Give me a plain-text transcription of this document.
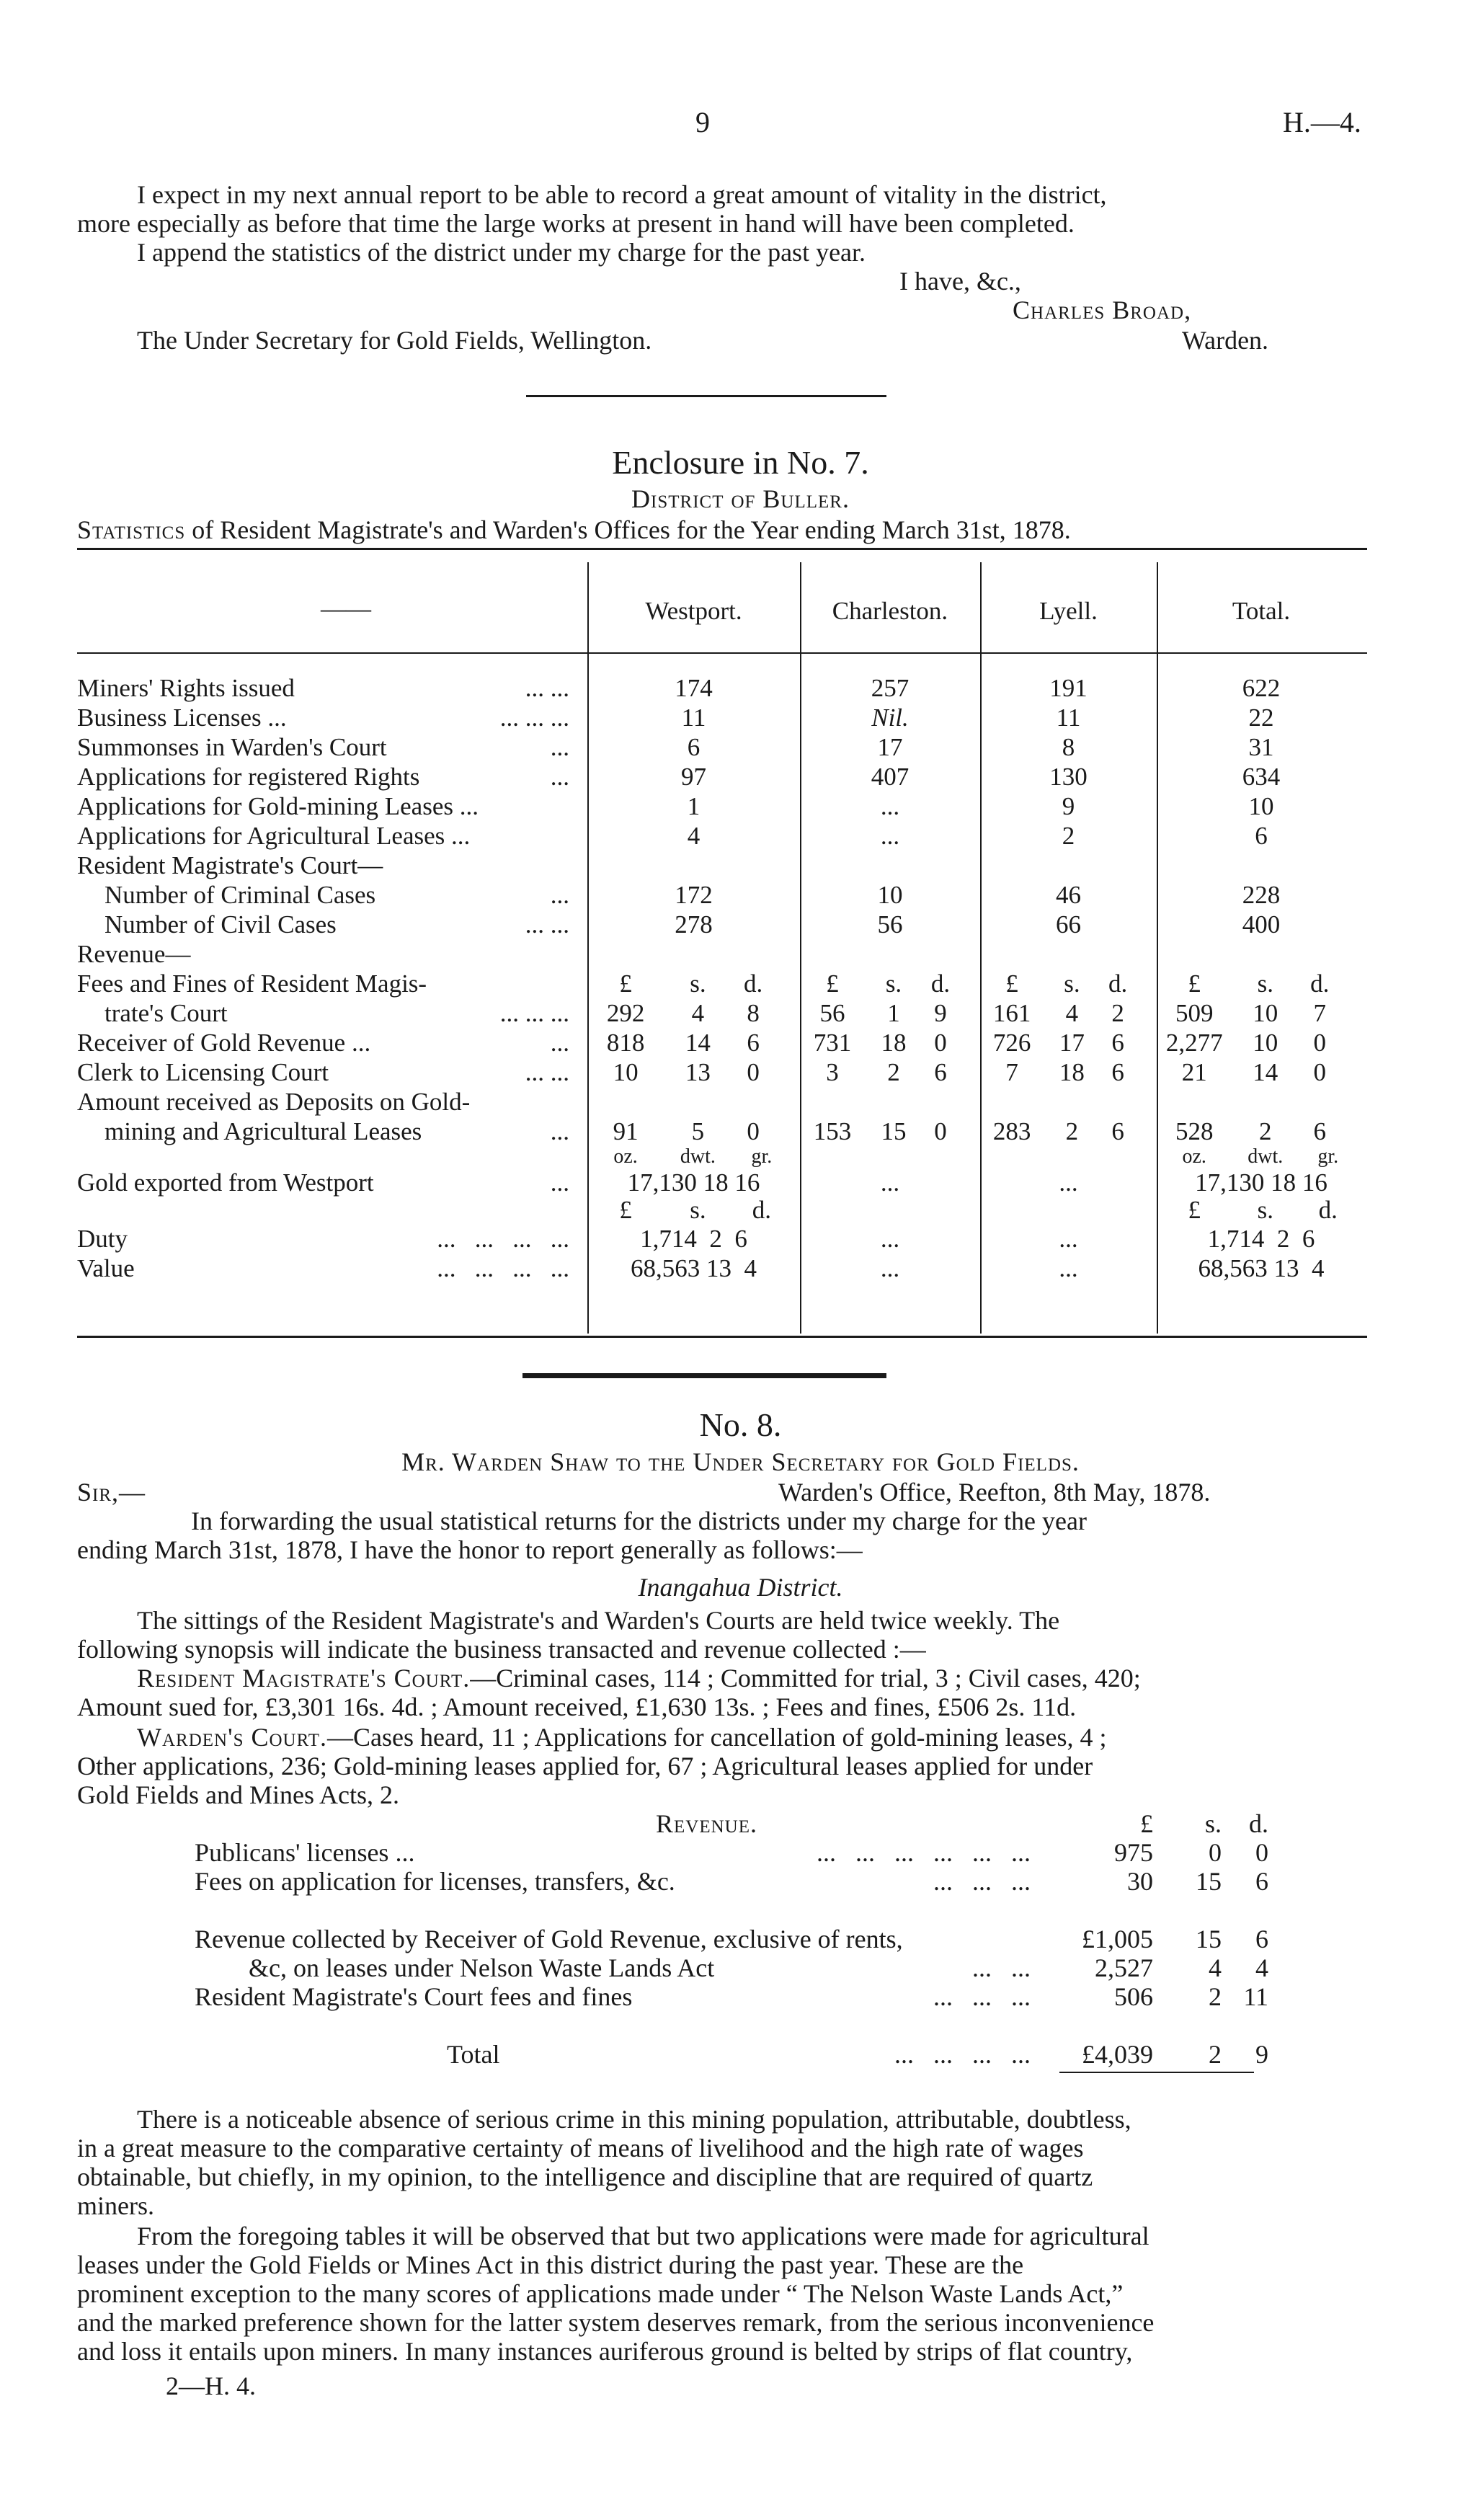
9	H.—4.
I expect in my next annual report to be able to record a great amount of vitality in the district,
more especially as before that time the large works at present in hand will have been completed.
I append the statistics of the district under my charge for the past year.
I have, &c.,
Charles Broad,
The Under Secretary for Gold Fields, Wellington.	Warden.
Enclosure in No. 7.
District of Buller.
Statistics of Resident Magistrate's and Warden's Offices for the Year ending March 31st, 1878.
——	Westport.	Charleston.	Lyell.	Total.
Miners' Rights issued	... ...	174	257	191	622
Business Licenses ...	... ... ...	11	Nil.	11	22
Summonses in Warden's Court	...	6	17	8	31
Applications for registered Rights	...	97	407	130	634
Applications for Gold-mining Leases ...	1	...	9	10
Applications for Agricultural Leases ...	4	...	2	6
Resident Magistrate's Court—
Number of Criminal Cases	...	172	10	46	228
Number of Civil Cases	... ...	278	56	66	400
Revenue—
£	s.	d.	£	s.	d.	£	s.	d.	£	s.	d.
Fees and Fines of Resident Magis-
trate's Court	... ... ...	292	4	8	56	1	9	161	4	2	509	10	7
Receiver of Gold Revenue ...	...	818	14	6	731	18	0	726	17	6	2,277	10	0
Clerk to Licensing Court	... ...	10	13	0	3	2	6	7	18	6	21	14	0
Amount received as Deposits on Gold-
mining and Agricultural Leases	...	91	5	0	153	15	0	283	2	6	528	2	6
oz.	dwt.	gr.	oz.	dwt.	gr.
Gold exported from Westport	...	17,130 18 16	...	...	17,130 18 16
£	s.	d.	£	s.	d.
Duty	...   ...   ...   ...	1,714  2  6	...	...	1,714  2  6
Value	...   ...   ...   ...	68,563 13  4	...	...	68,563 13  4
No. 8.
Mr. Warden Shaw to the Under Secretary for Gold Fields.
Sir,—	Warden's Office, Reefton, 8th May, 1878.
In forwarding the usual statistical returns for the districts under my charge for the year
ending March 31st, 1878, I have the honor to report generally as follows:—
Inangahua District.
The sittings of the Resident Magistrate's and Warden's Courts are held twice weekly. The
following synopsis will indicate the business transacted and revenue collected :—
Resident Magistrate's Court.—Criminal cases, 114 ; Committed for trial, 3 ; Civil cases, 420;
Amount sued for, £3,301 16s. 4d. ; Amount received, £1,630 13s. ; Fees and fines, £506 2s. 11d.
Warden's Court.—Cases heard, 11 ; Applications for cancellation of gold-mining leases, 4 ;
Other applications, 236; Gold-mining leases applied for, 67 ; Agricultural leases applied for under
Gold Fields and Mines Acts, 2.
Revenue.	£	s.	d.
Publicans' licenses ...	...   ...   ...   ...   ...   ...	975	0	0
Fees on application for licenses, transfers, &c.	...   ...   ...	30	15	6
Revenue collected by Receiver of Gold Revenue, exclusive of rents,	£1,005	15	6
&c, on leases under Nelson Waste Lands Act	...   ...	2,527	4	4
Resident Magistrate's Court fees and fines	...   ...   ...	506	2 11
Total	...   ...   ...   ...	£4,039	2	9
There is a noticeable absence of serious crime in this mining population, attributable, doubtless,
in a great measure to the comparative certainty of means of livelihood and the high rate of wages
obtainable, but chiefly, in my opinion, to the intelligence and discipline that are required of quartz
miners.
From the foregoing tables it will be observed that but two applications were made for agricultural
leases under the Gold Fields or Mines Act in this district during the past year. These are the
prominent exception to the many scores of applications made under “ The Nelson Waste Lands Act,”
and the marked preference shown for the latter system deserves remark, from the serious inconvenience
and loss it entails upon miners. In many instances auriferous ground is belted by strips of flat country,
2—H. 4.
